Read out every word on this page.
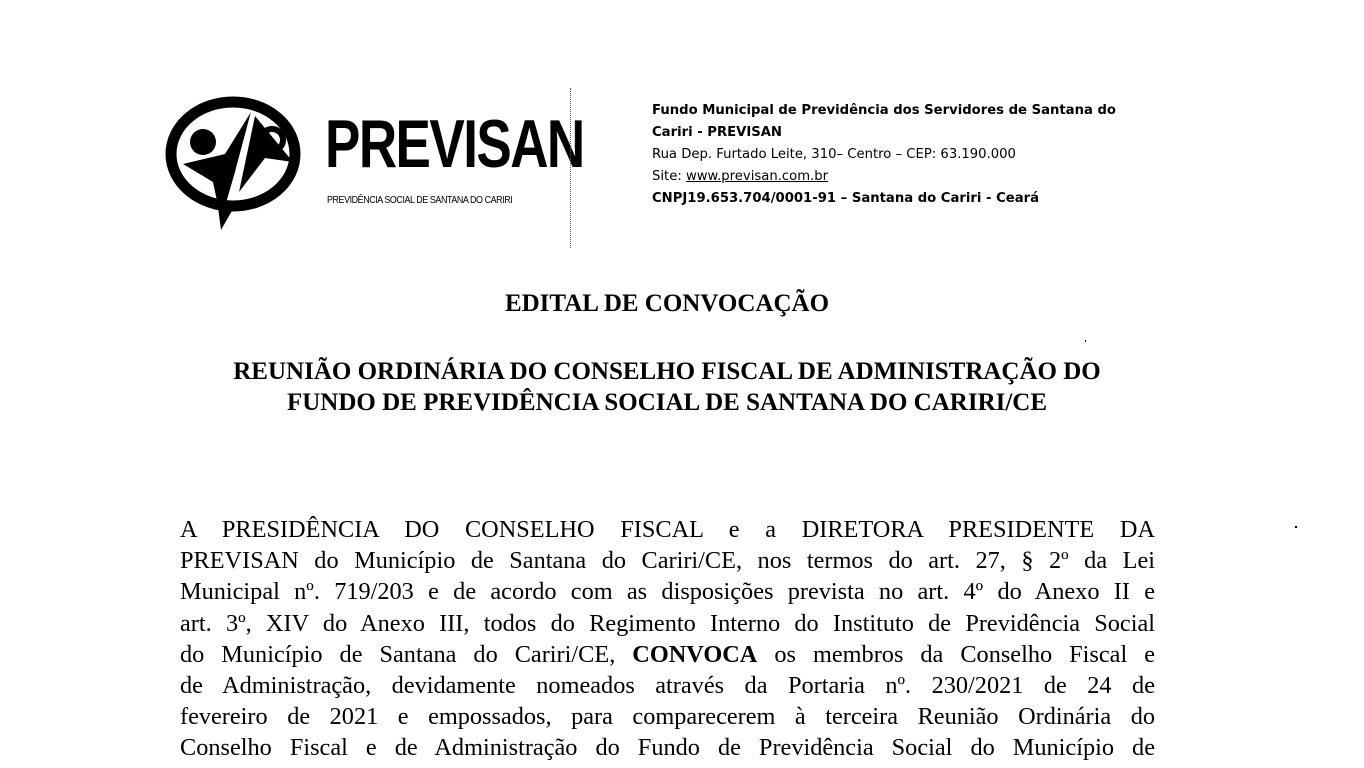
PREVISAN
PREVIDÊNCIA SOCIAL DE SANTANA DO CARIRI
Fundo Municipal de Previdência dos Servidores de Santana do
Cariri - PREVISAN
Rua Dep. Furtado Leite, 310– Centro – CEP: 63.190.000
Site: www.previsan.com.br
CNPJ19.653.704/0001-91 – Santana do Cariri - Ceará
EDITAL DE CONVOCAÇÃO
REUNIÃO ORDINÁRIA DO CONSELHO FISCAL DE ADMINISTRAÇÃO DO
FUNDO DE PREVIDÊNCIA SOCIAL DE SANTANA DO CARIRI/CE
A PRESIDÊNCIA DO CONSELHO FISCAL e a DIRETORA PRESIDENTE DA
PREVISAN do Município de Santana do Cariri/CE, nos termos do art. 27, § 2º da Lei
Municipal nº. 719/203 e de acordo com as disposições prevista no art. 4º do Anexo II e
art. 3º, XIV do Anexo III, todos do Regimento Interno do Instituto de Previdência Social
do Município de Santana do Cariri/CE, CONVOCA os membros da Conselho Fiscal e
de Administração, devidamente nomeados através da Portaria nº. 230/2021 de 24 de
fevereiro de 2021 e empossados, para comparecerem à terceira Reunião Ordinária do
Conselho Fiscal e de Administração do Fundo de Previdência Social do Município de
